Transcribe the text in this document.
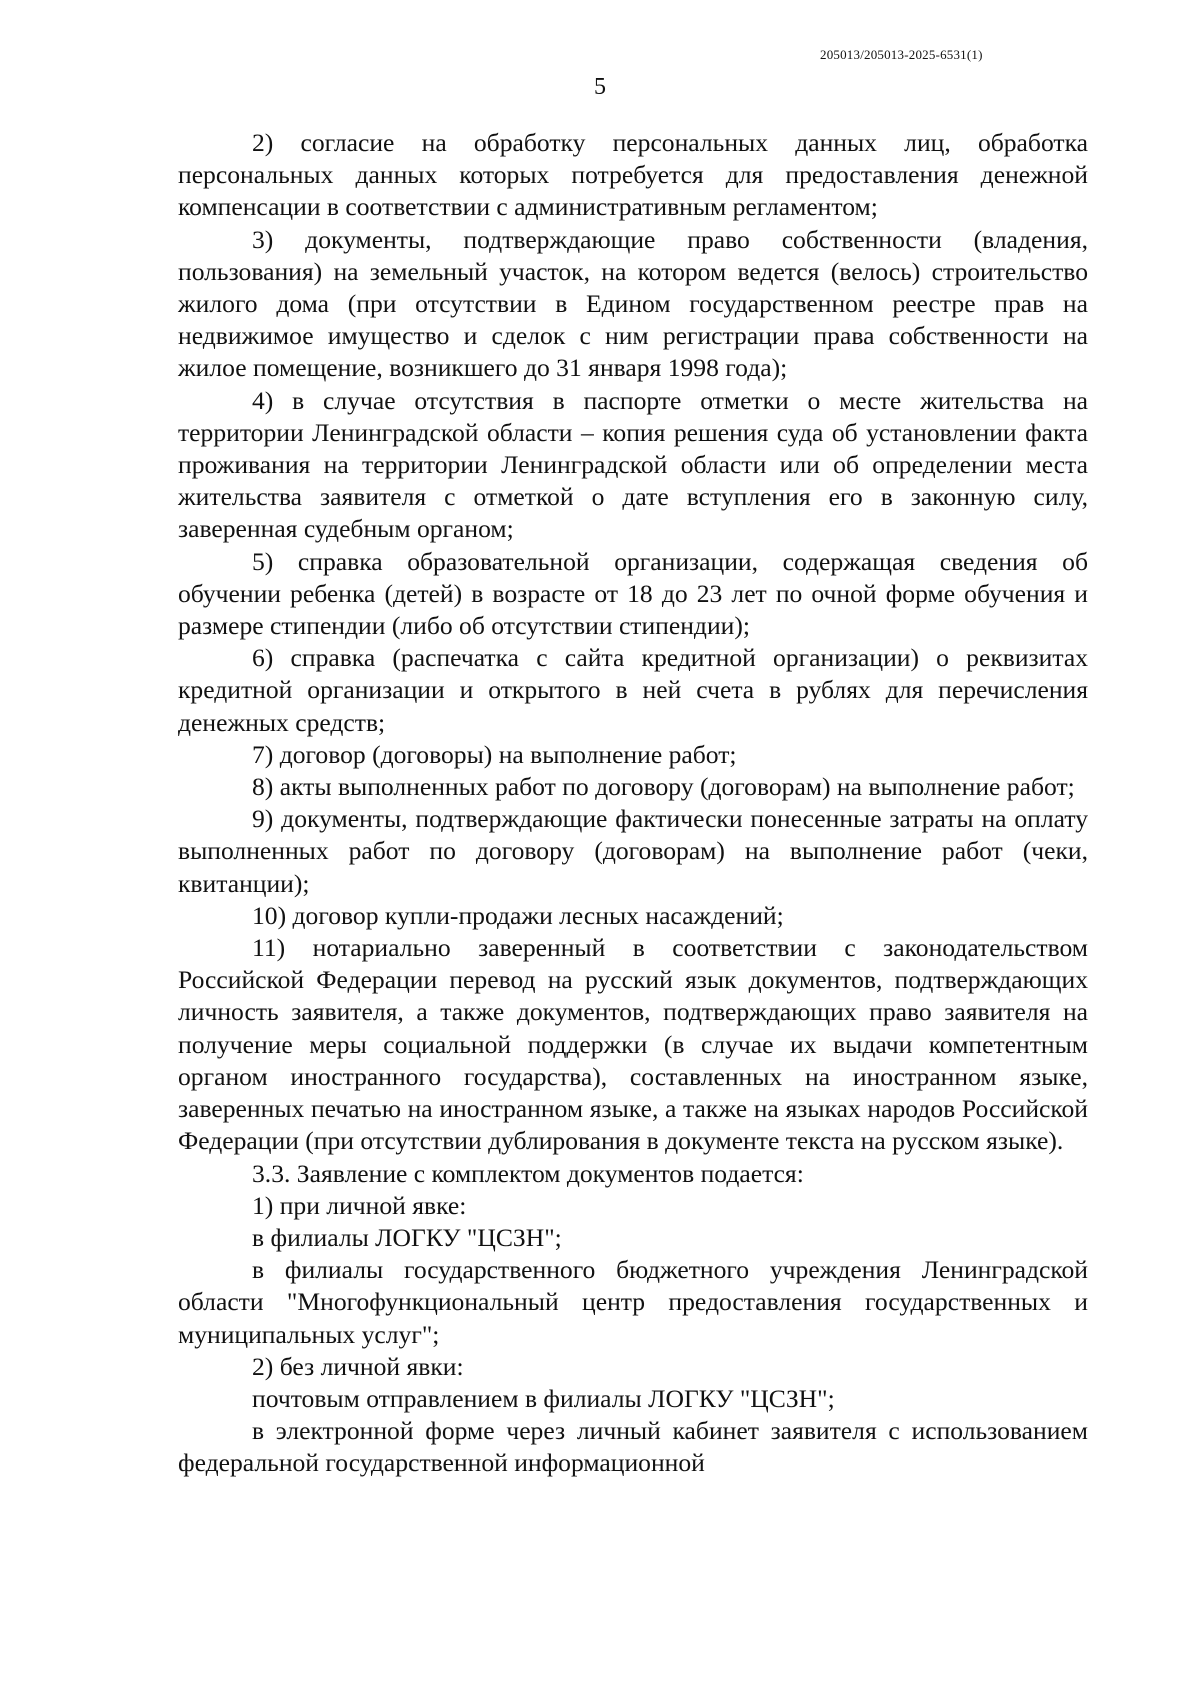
205013/205013-2025-6531(1)
5

2) согласие на обработку персональных данных лиц, обработка персональных данных которых потребуется для предоставления денежной компенсации в соответствии с административным регламентом;

3) документы, подтверждающие право собственности (владения, пользования) на земельный участок, на котором ведется (велось) строительство жилого дома (при отсутствии в Едином государственном реестре прав на недвижимое имущество и сделок с ним регистрации права собственности на жилое помещение, возникшего до 31 января 1998 года);

4) в случае отсутствия в паспорте отметки о месте жительства на территории Ленинградской области – копия решения суда об установлении факта проживания на территории Ленинградской области или об определении места жительства заявителя с отметкой о дате вступления его в законную силу, заверенная судебным органом;

5) справка образовательной организации, содержащая сведения об обучении ребенка (детей) в возрасте от 18 до 23 лет по очной форме обучения и размере стипендии (либо об отсутствии стипендии);

6) справка (распечатка с сайта кредитной организации) о реквизитах кредитной организации и открытого в ней счета в рублях для перечисления денежных средств;

7) договор (договоры) на выполнение работ;

8) акты выполненных работ по договору (договорам) на выполнение работ;

9) документы, подтверждающие фактически понесенные затраты на оплату выполненных работ по договору (договорам) на выполнение работ (чеки, квитанции);

10) договор купли-продажи лесных насаждений;

11) нотариально заверенный в соответствии с законодательством Российской Федерации перевод на русский язык документов, подтверждающих личность заявителя, а также документов, подтверждающих право заявителя на получение меры социальной поддержки (в случае их выдачи компетентным органом иностранного государства), составленных на иностранном языке, заверенных печатью на иностранном языке, а также на языках народов Российской Федерации (при отсутствии дублирования в документе текста на русском языке).

3.3. Заявление с комплектом документов подается:

1) при личной явке:

в филиалы ЛОГКУ "ЦСЗН";

в филиалы государственного бюджетного учреждения Ленинградской области "Многофункциональный центр предоставления государственных и муниципальных услуг";

2) без личной явки:

почтовым отправлением в филиалы ЛОГКУ "ЦСЗН";

в электронной форме через личный кабинет заявителя с использованием федеральной государственной информационной
